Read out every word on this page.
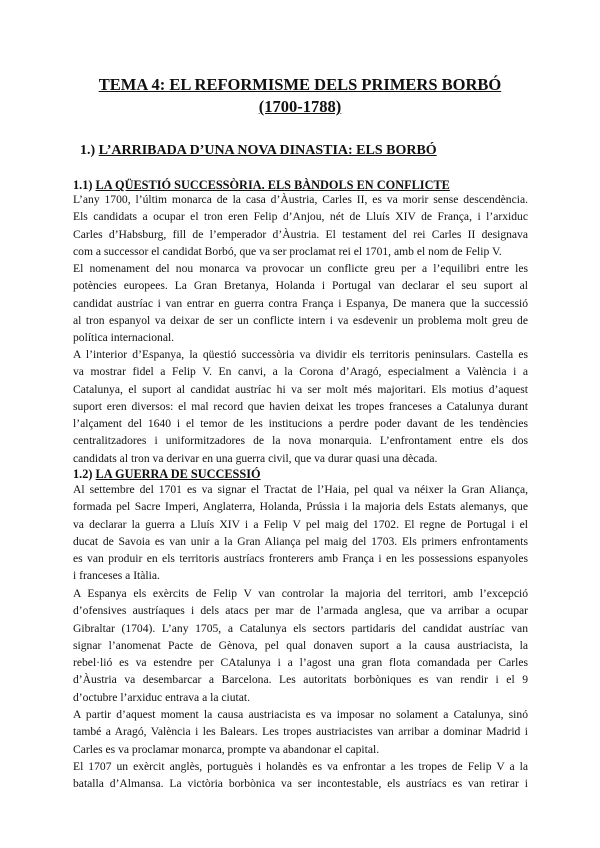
TEMA 4: EL REFORMISME DELS PRIMERS BORBÓ
(1700-1788)
1.) L’ARRIBADA D’UNA NOVA DINASTIA: ELS BORBÓ
1.1) LA QÜESTIÓ SUCCESSÒRIA. ELS BÀNDOLS EN CONFLICTE
L’any 1700, l’últim monarca de la casa d’Àustria, Carles II, es va morir sense descendència.
Els candidats a ocupar el tron eren Felip d’Anjou, nét de Lluís XIV de França, i l’arxiduc
Carles d’Habsburg, fill de l’emperador d’Àustria. El testament del rei Carles II designava
com a successor el candidat Borbó, que va ser proclamat rei el 1701, amb el nom de Felip V.
El nomenament del nou monarca va provocar un conflicte greu per a l’equilibri entre les
potències europees. La Gran Bretanya, Holanda i Portugal van declarar el seu suport al
candidat austríac i van entrar en guerra contra França i Espanya, De manera que la successió
al tron espanyol va deixar de ser un conflicte intern i va esdevenir un problema molt greu de
política internacional.
A l’interior d’Espanya, la qüestió successòria va dividir els territoris peninsulars. Castella es
va mostrar fidel a Felip V. En canvi, a la Corona d’Aragó, especialment a València i a
Catalunya, el suport al candidat austríac hi va ser molt més majoritari. Els motius d’aquest
suport eren diversos: el mal record que havien deixat les tropes franceses a Catalunya durant
l’alçament del 1640 i el temor de les institucions a perdre poder davant de les tendències
centralitzadores i uniformitzadores de la nova monarquia. L’enfrontament entre els dos
candidats al tron va derivar en una guerra civil, que va durar quasi una dècada.
1.2) LA GUERRA DE SUCCESSIÓ
Al settembre del 1701 es va signar el Tractat de l’Haia, pel qual va néixer la Gran Aliança,
formada pel Sacre Imperi, Anglaterra, Holanda, Prússia i la majoria dels Estats alemanys, que
va declarar la guerra a Lluís XIV i a Felip V pel maig del 1702. El regne de Portugal i el
ducat de Savoia es van unir a la Gran Aliança pel maig del 1703. Els primers enfrontaments
es van produir en els territoris austríacs fronterers amb França i en les possessions espanyoles
i franceses a Itàlia.
A Espanya els exèrcits de Felip V van controlar la majoria del territori, amb l’excepció
d’ofensives austríaques i dels atacs per mar de l’armada anglesa, que va arribar a ocupar
Gibraltar (1704). L’any 1705, a Catalunya els sectors partidaris del candidat austríac van
signar l’anomenat Pacte de Gènova, pel qual donaven suport a la causa austriacista, la
rebel·lió es va estendre per CAtalunya i a l’agost una gran flota comandada per Carles
d’Àustria va desembarcar a Barcelona. Les autoritats borbòniques es van rendir i el 9
d’octubre l’arxiduc entrava a la ciutat.
A partir d’aquest moment la causa austriacista es va imposar no solament a Catalunya, sinó
també a Aragó, València i les Balears. Les tropes austriacistes van arribar a dominar Madrid i
Carles es va proclamar monarca, prompte va abandonar el capital.
El 1707 un exèrcit anglès, portuguès i holandès es va enfrontar a les tropes de Felip V a la
batalla d’Almansa. La victòria borbònica va ser incontestable, els austríacs es van retirar i
